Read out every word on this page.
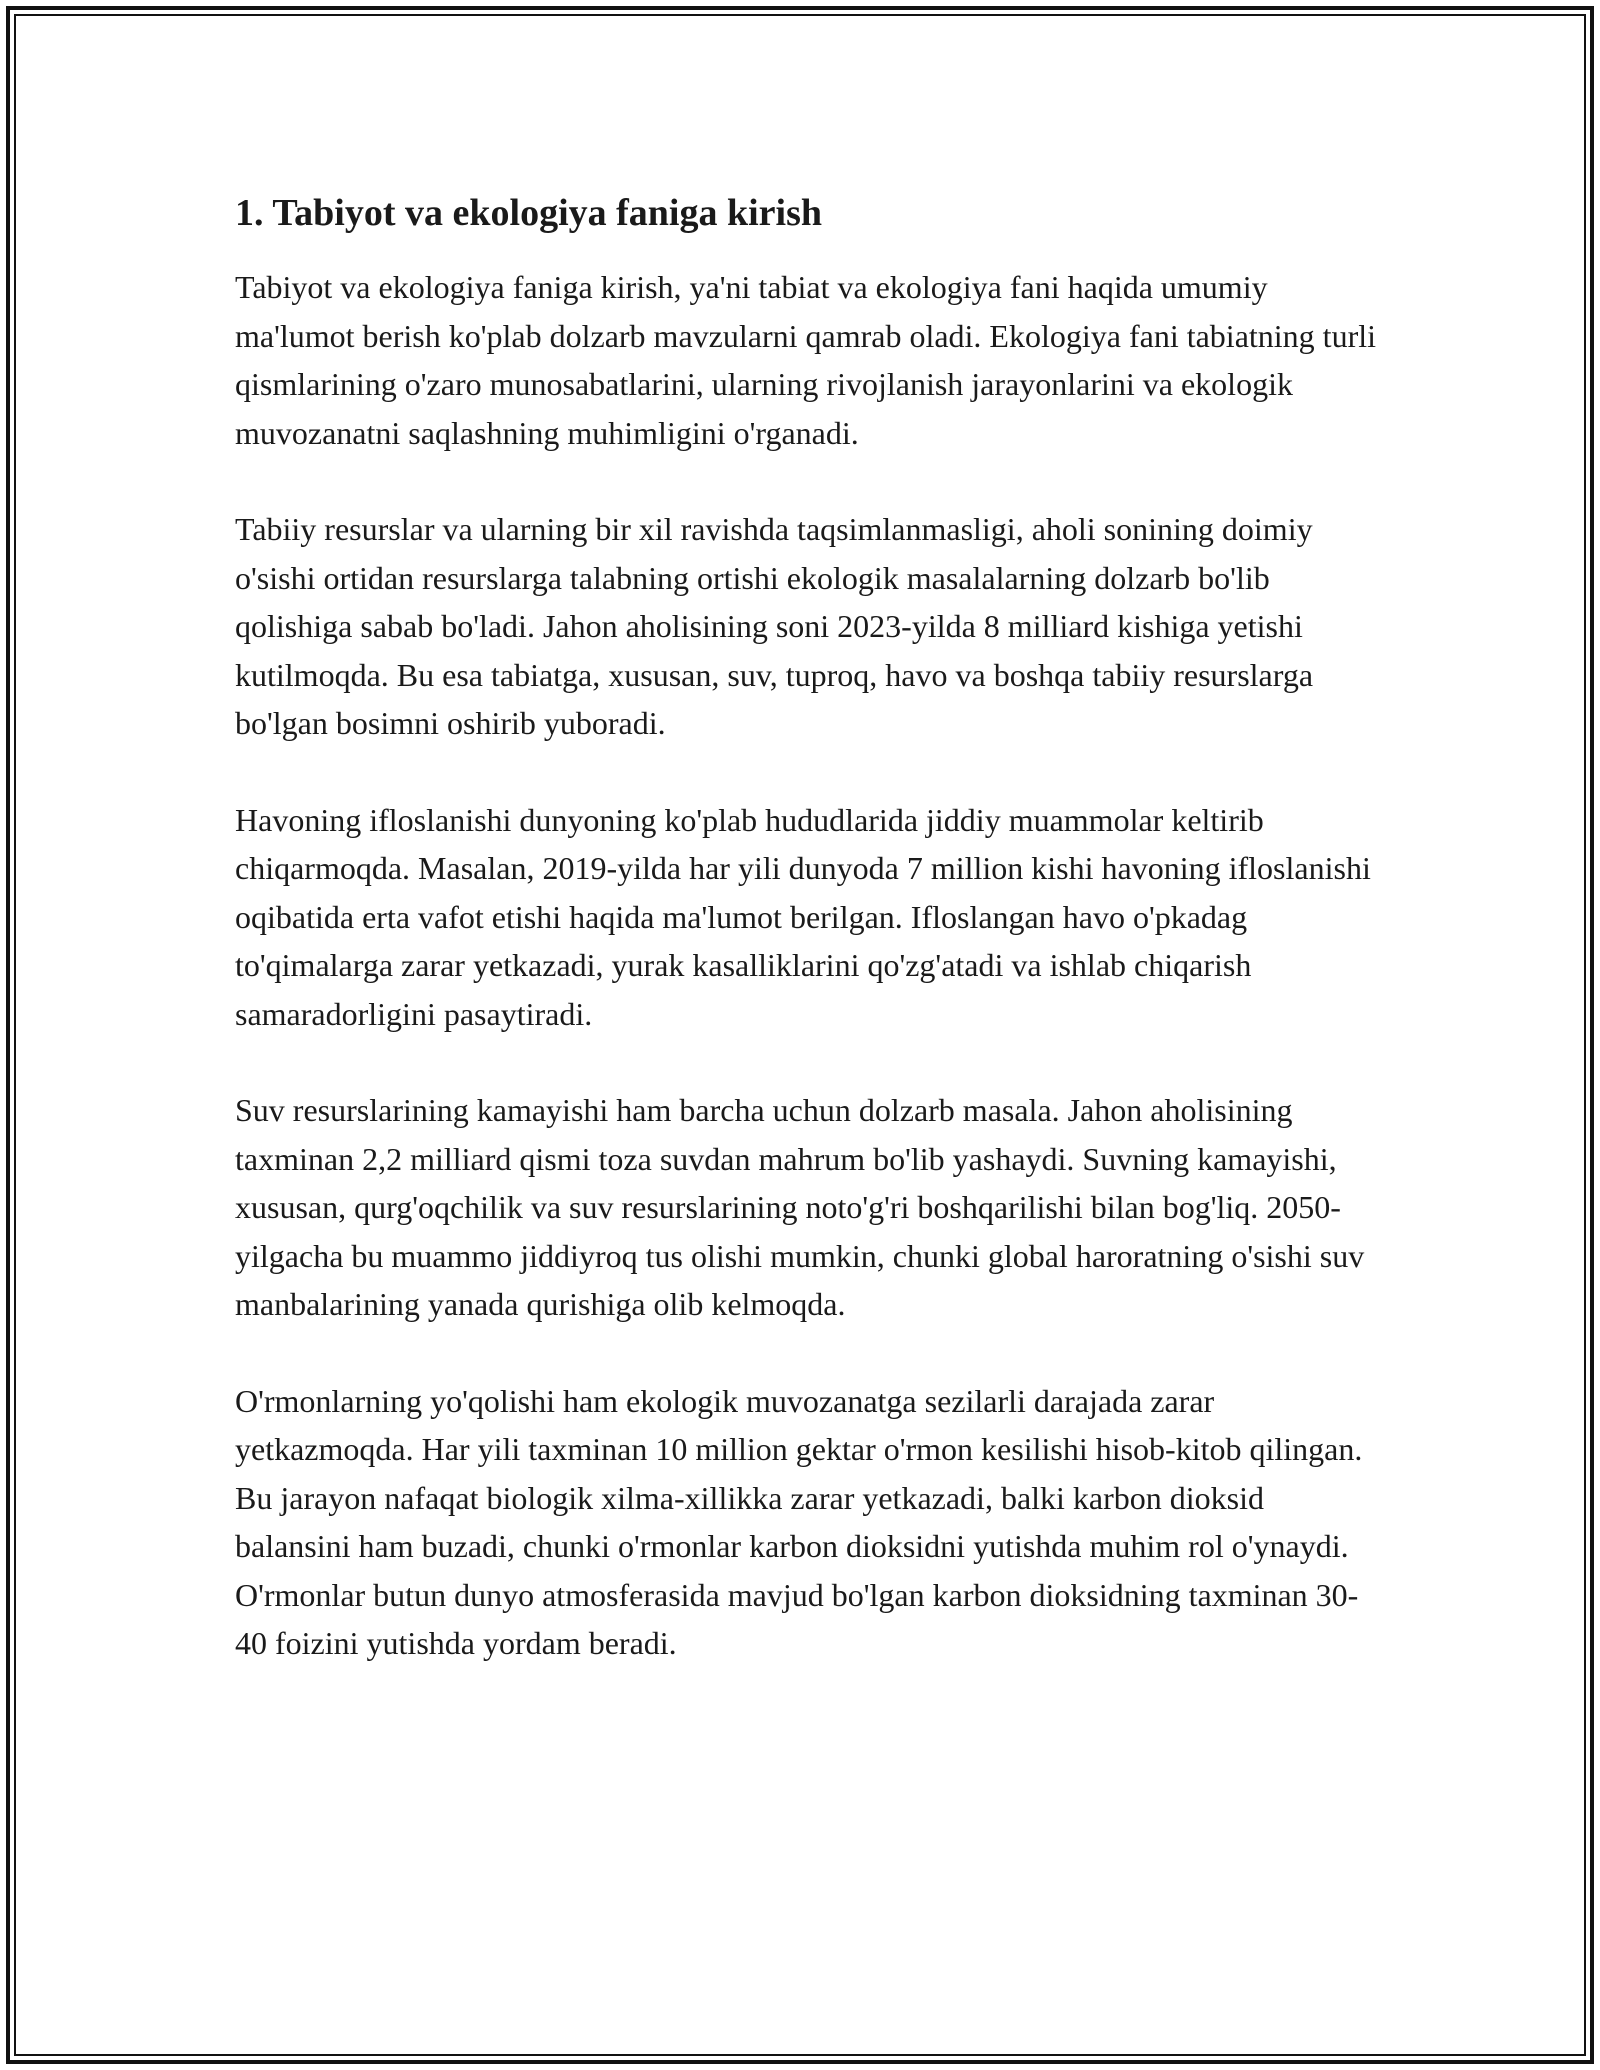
1. Tabiyot va ekologiya faniga kirish

Tabiyot va ekologiya faniga kirish, ya'ni tabiat va ekologiya fani haqida umumiy ma'lumot berish ko'plab dolzarb mavzularni qamrab oladi. Ekologiya fani tabiatning turli qismlarining o'zaro munosabatlarini, ularning rivojlanish jarayonlarini va ekologik muvozanatni saqlashning muhimligini o'rganadi.

Tabiiy resurslar va ularning bir xil ravishda taqsimlanmasligi, aholi sonining doimiy o'sishi ortidan resurslarga talabning ortishi ekologik masalalarning dolzarb bo'lib qolishiga sabab bo'ladi. Jahon aholisining soni 2023-yilda 8 milliard kishiga yetishi kutilmoqda. Bu esa tabiatga, xususan, suv, tuproq, havo va boshqa tabiiy resurslarga bo'lgan bosimni oshirib yuboradi.

Havoning ifloslanishi dunyoning ko'plab hududlarida jiddiy muammolar keltirib chiqarmoqda. Masalan, 2019-yilda har yili dunyoda 7 million kishi havoning ifloslanishi oqibatida erta vafot etishi haqida ma'lumot berilgan. Ifloslangan havo o'pkadag to'qimalarga zarar yetkazadi, yurak kasalliklarini qo'zg'atadi va ishlab chiqarish samaradorligini pasaytiradi.

Suv resurslarining kamayishi ham barcha uchun dolzarb masala. Jahon aholisining taxminan 2,2 milliard qismi toza suvdan mahrum bo'lib yashaydi. Suvning kamayishi, xususan, qurg'oqchilik va suv resurslarining noto'g'ri boshqarilishi bilan bog'liq. 2050-yilgacha bu muammo jiddiyroq tus olishi mumkin, chunki global haroratning o'sishi suv manbalarining yanada qurishiga olib kelmoqda.

O'rmonlarning yo'qolishi ham ekologik muvozanatga sezilarli darajada zarar yetkazmoqda. Har yili taxminan 10 million gektar o'rmon kesilishi hisob-kitob qilingan. Bu jarayon nafaqat biologik xilma-xillikka zarar yetkazadi, balki karbon dioksid balansini ham buzadi, chunki o'rmonlar karbon dioksidni yutishda muhim rol o'ynaydi. O'rmonlar butun dunyo atmosferasida mavjud bo'lgan karbon dioksidning taxminan 30-40 foizini yutishda yordam beradi.
